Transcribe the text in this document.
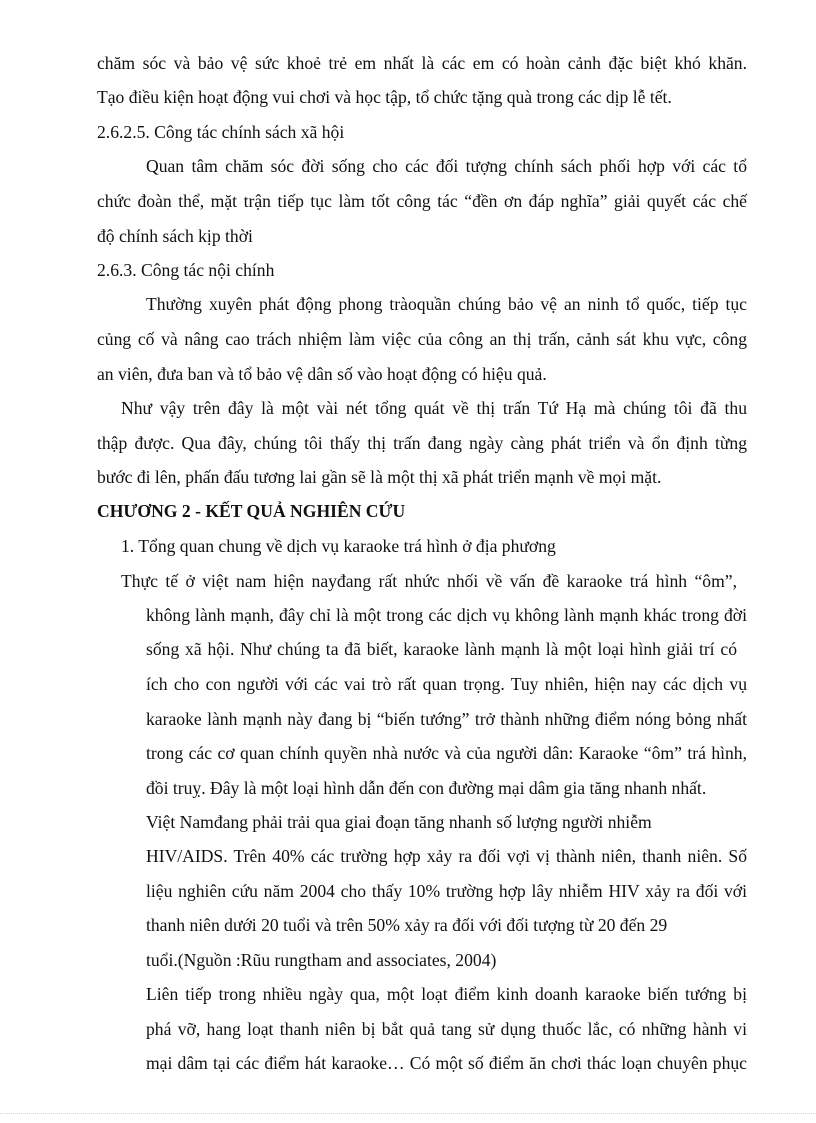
chăm sóc và bảo vệ sức khoẻ trẻ em nhất là các em có hoàn cảnh đặc biệt khó khăn.
Tạo điều kiện hoạt động vui chơi và học tập, tổ chức tặng quà trong các dịp lễ tết.
2.6.2.5. Công tác chính sách xã hội
Quan tâm chăm sóc đời sống cho các đối tượng chính sách phối hợp với các tổ
chức đoàn thể, mặt trận tiếp tục làm tốt công tác “đền ơn đáp nghĩa” giải quyết các chế
độ chính sách kịp thời
2.6.3. Công tác nội chính
Thường xuyên phát động phong tràoquần chúng bảo vệ an ninh tổ quốc, tiếp tục
củng cố và nâng cao trách nhiệm làm việc của công an thị trấn, cảnh sát khu vực, công
an viên, đưa ban và tổ bảo vệ dân số vào hoạt động có hiệu quả.
Như vậy trên đây là một vài nét tổng quát về thị trấn Tứ Hạ mà chúng tôi đã thu
thập được. Qua đây, chúng tôi thấy thị trấn đang ngày càng phát triển và ổn định từng
bước đi lên, phấn đấu tương lai gần sẽ là một thị xã phát triển mạnh về mọi mặt.
CHƯƠNG 2 - KẾT QUẢ NGHIÊN CỨU
1. Tổng quan chung về dịch vụ karaoke trá hình ở địa phương
Thực tế ở việt nam hiện nayđang rất nhức nhối về vấn đề karaoke trá hình “ôm”,
không lành mạnh, đây chỉ là một trong các dịch vụ không lành mạnh khác trong đời
sống xã hội. Như chúng ta đã biết, karaoke lành mạnh là một loại hình giải trí có
ích cho con người với các vai trò rất quan trọng. Tuy nhiên, hiện nay các dịch vụ
karaoke lành mạnh này đang bị “biến tướng” trở thành những điểm nóng bỏng nhất
trong các cơ quan chính quyền nhà nước và của người dân: Karaoke “ôm” trá hình,
đồi truỵ. Đây là một loại hình dẫn đến con đường mại dâm gia tăng nhanh nhất.
Việt Namđang phải trải qua giai đoạn tăng nhanh số lượng người nhiễm
HIV/AIDS. Trên 40% các trường hợp xảy ra đối vợi vị thành niên, thanh niên. Số
liệu nghiên cứu năm 2004 cho thấy 10% trường hợp lây nhiễm HIV xảy ra đối với
thanh niên dưới 20 tuổi và trên 50% xảy ra đối với đối tượng từ 20 đến 29
tuổi.(Nguồn :Rũu rungtham and associates, 2004)
Liên tiếp trong nhiều ngày qua, một loạt điểm kinh doanh karaoke biến tướng bị
phá vỡ, hang loạt thanh niên bị bắt quả tang sử dụng thuốc lắc, có những hành vi
mại dâm tại các điểm hát karaoke… Có một số điểm ăn chơi thác loạn chuyên phục
